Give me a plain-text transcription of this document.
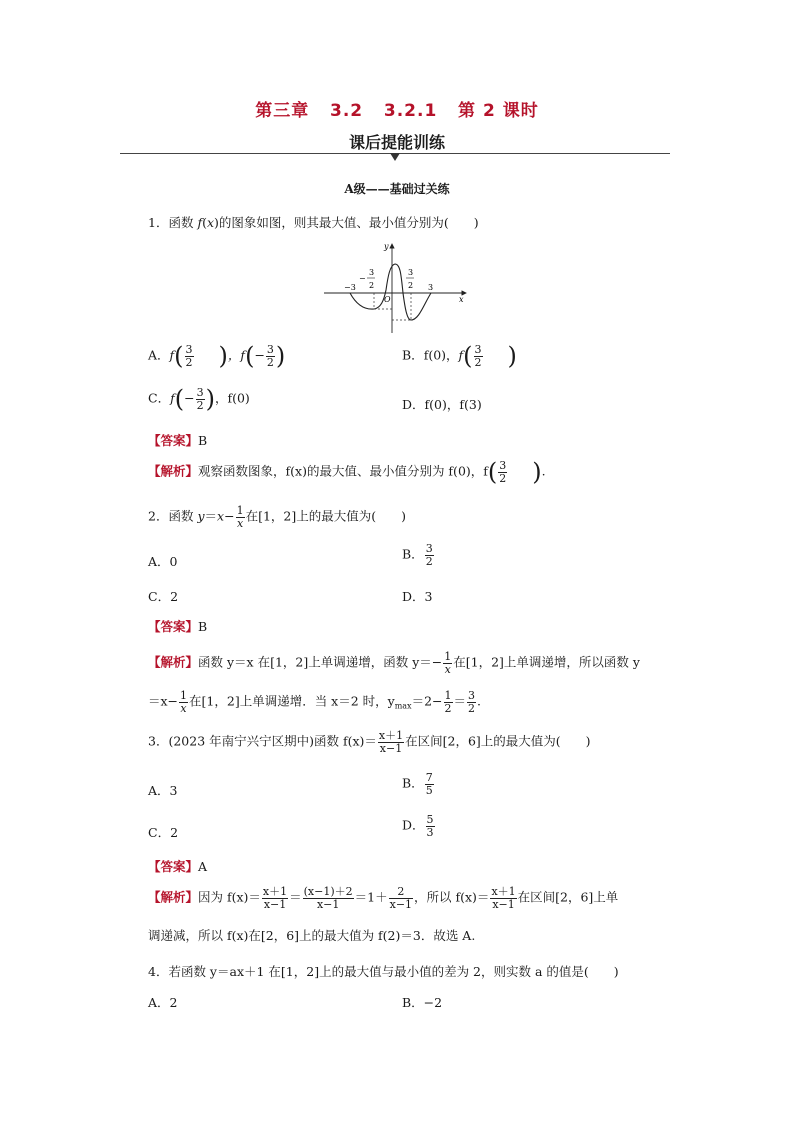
第三章   3.2   3.2.1   第 2 课时
课后提能训练
A级——基础过关练
1．函数 f(x)的图象如图，则其最大值、最小值分别为(　　)
y
x
O
−3	3
−
3
2
3
2
A．$f( \frac{3}{2}$ 　)，$f(- \frac{3}{2}$ )	B．f(0)，$f( \frac{3}{2}$ 　)
C．$f(- \frac{3}{2}$ )，f(0)	D．f(0)，f(3)
【答案】B
【解析】观察函数图象，f(x)的最大值、最小值分别为 f(0)，$f( \frac{3}{2}$ 　).
2．函数 $y=x- \frac{1}{x}$ 在[1，2]上的最大值为(　　)
A．0	B． $\frac{3}{2}$
C．2	D．3
【答案】B
【解析】函数 y＝x 在[1，2]上单调递增，函数 $y=- \frac{1}{x}$ 在[1，2]上单调递增，所以函数 y
$=x- \frac{1}{x}$ 在[1，2]上单调递增．当 x＝2 时，$y_{max}=2- \frac{1}{2} = \frac{3}{2}$ .
3．(2023 年南宁兴宁区期中)函数 $f(x)= \frac{x+1}{x-1}$ 在区间[2，6]上的最大值为(　　)
A．3	B． $\frac{7}{5}$
C．2	D． $\frac{5}{3}$
【答案】A
【解析】因为 $f(x)= \frac{x+1}{x-1} = \frac{(x-1)+2}{x-1} =1+ \frac{2}{x-1}$ ，所以 $f(x)= \frac{x+1}{x-1}$ 在区间[2，6]上单
调递减，所以 f(x)在[2，6]上的最大值为 f(2)＝3．故选 A.
4．若函数 y＝ax＋1 在[1，2]上的最大值与最小值的差为 2，则实数 a 的值是(　　)
A．2	B．−2
